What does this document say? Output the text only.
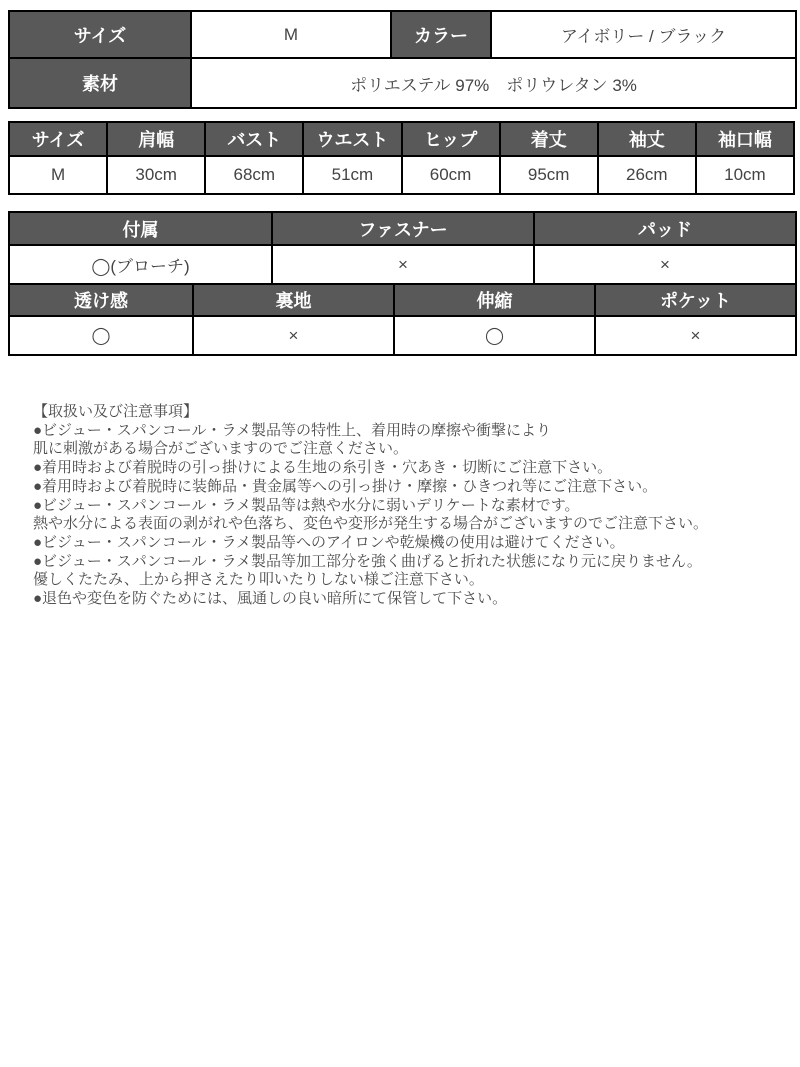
サイズ	M	カラー	アイボリー / ブラック
素材	ポリエステル 97%　ポリウレタン 3%		
サイズ	肩幅	バスト	ウエスト	ヒップ	着丈	袖丈	袖口幅
M	30cm	68cm	51cm	60cm	95cm	26cm	10cm
付属	ファスナー	パッド
◯(ブローチ)	×	×
透け感	裏地	伸縮	ポケット
◯	×	◯	×
【取扱い及び注意事項】
●ビジュー・スパンコール・ラメ製品等の特性上、着用時の摩擦や衝撃により
肌に刺激がある場合がございますのでご注意ください。
●着用時および着脱時の引っ掛けによる生地の糸引き・穴あき・切断にご注意下さい。
●着用時および着脱時に装飾品・貴金属等への引っ掛け・摩擦・ひきつれ等にご注意下さい。
●ビジュー・スパンコール・ラメ製品等は熱や水分に弱いデリケートな素材です。
熱や水分による表面の剥がれや色落ち、変色や変形が発生する場合がございますのでご注意下さい。
●ビジュー・スパンコール・ラメ製品等へのアイロンや乾燥機の使用は避けてください。
●ビジュー・スパンコール・ラメ製品等加工部分を強く曲げると折れた状態になり元に戻りません。
優しくたたみ、上から押さえたり叩いたりしない様ご注意下さい。
●退色や変色を防ぐためには、風通しの良い暗所にて保管して下さい。
